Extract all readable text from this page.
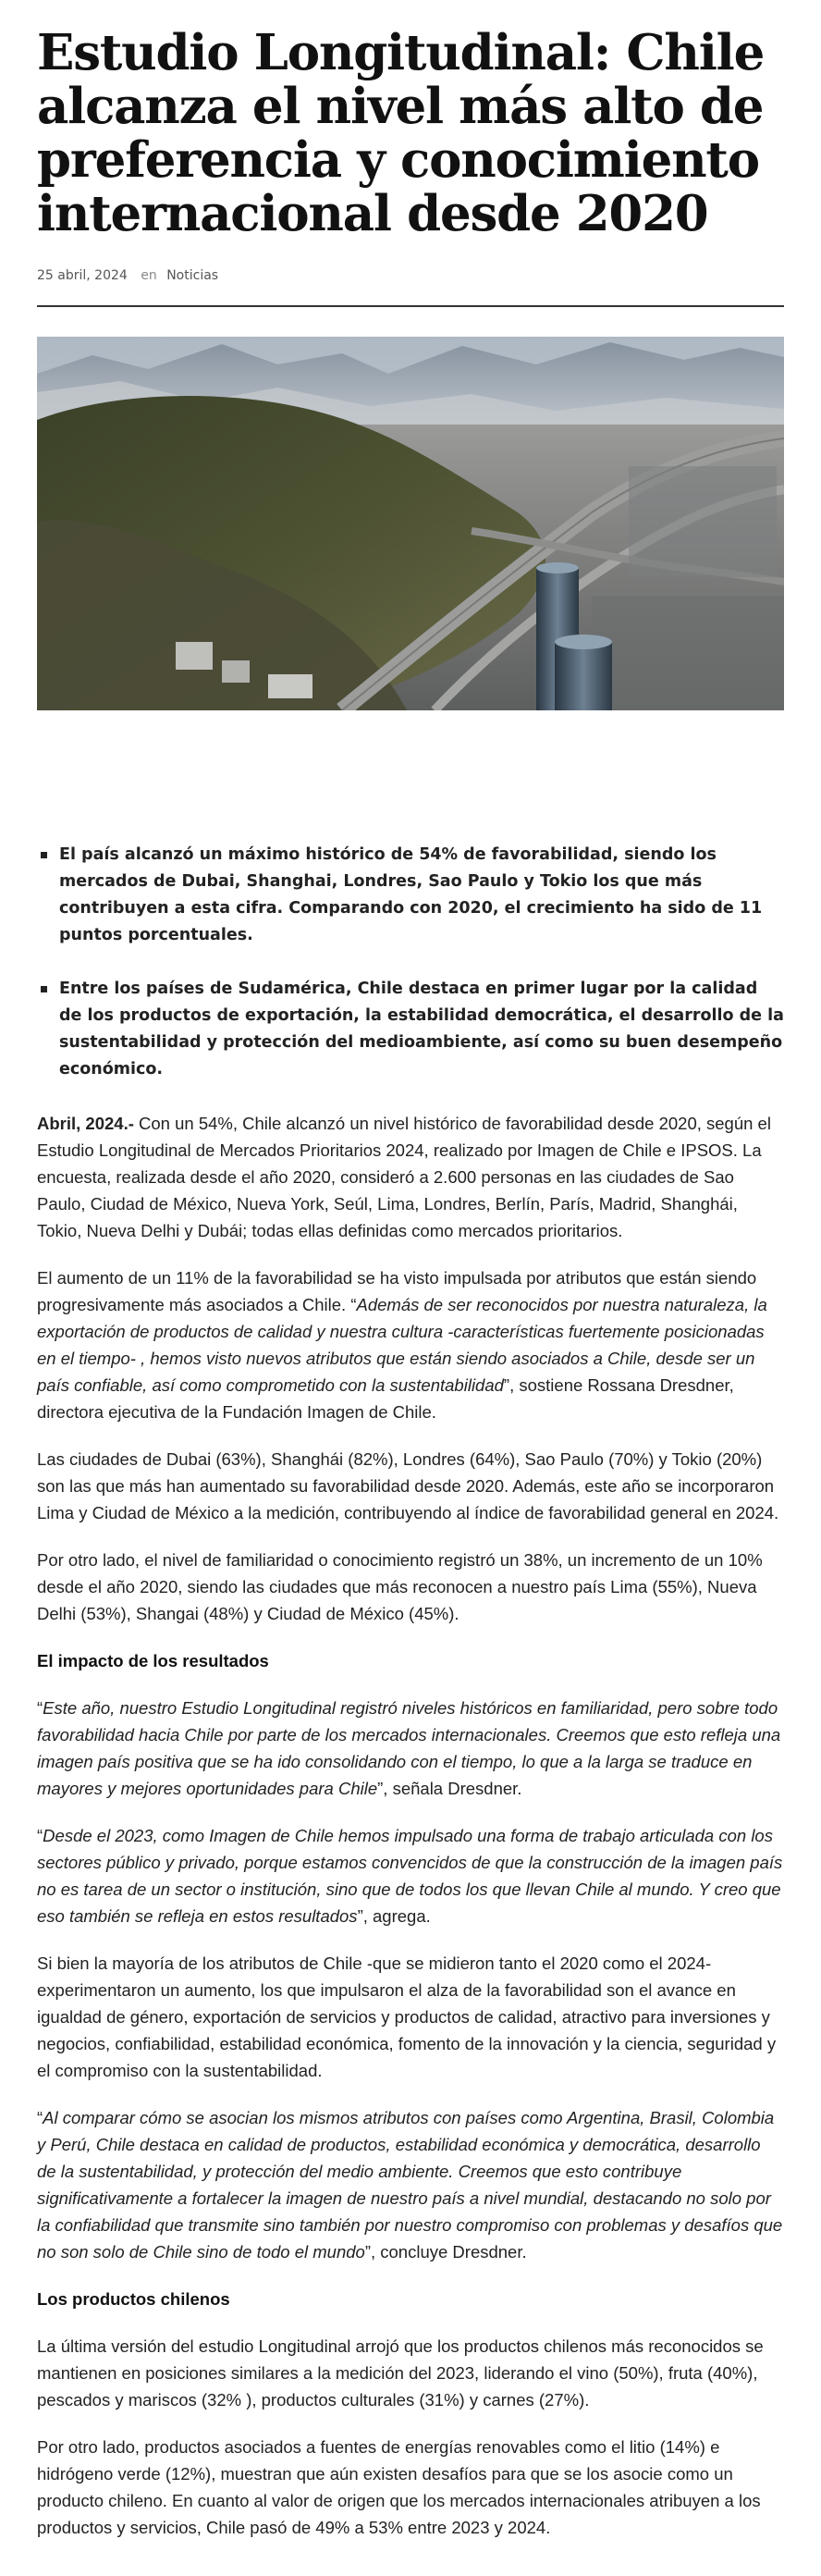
Estudio Longitudinal: Chile alcanza el nivel más alto de preferencia y conocimiento internacional desde 2020
25 abril, 2024 en Noticias
El país alcanzó un máximo histórico de 54% de favorabilidad, siendo los mercados de Dubai, Shanghai, Londres, Sao Paulo y Tokio los que más contribuyen a esta cifra. Comparando con 2020, el crecimiento ha sido de 11 puntos porcentuales.
Entre los países de Sudamérica, Chile destaca en primer lugar por la calidad de los productos de exportación, la estabilidad democrática, el desarrollo de la sustentabilidad y protección del medioambiente, así como su buen desempeño económico.

Abril, 2024.- Con un 54%, Chile alcanzó un nivel histórico de favorabilidad desde 2020, según el Estudio Longitudinal de Mercados Prioritarios 2024, realizado por Imagen de Chile e IPSOS. La encuesta, realizada desde el año 2020, consideró a 2.600 personas en las ciudades de Sao Paulo, Ciudad de México, Nueva York, Seúl, Lima, Londres, Berlín, París, Madrid, Shanghái, Tokio, Nueva Delhi y Dubái; todas ellas definidas como mercados prioritarios.

El aumento de un 11% de la favorabilidad se ha visto impulsada por atributos que están siendo progresivamente más asociados a Chile. “Además de ser reconocidos por nuestra naturaleza, la exportación de productos de calidad y nuestra cultura -características fuertemente posicionadas en el tiempo- , hemos visto nuevos atributos que están siendo asociados a Chile, desde ser un país confiable, así como comprometido con la sustentabilidad”, sostiene Rossana Dresdner, directora ejecutiva de la Fundación Imagen de Chile.

Las ciudades de Dubai (63%), Shanghái (82%), Londres (64%), Sao Paulo (70%) y Tokio (20%) son las que más han aumentado su favorabilidad desde 2020. Además, este año se incorporaron Lima y Ciudad de México a la medición, contribuyendo al índice de favorabilidad general en 2024.

Por otro lado, el nivel de familiaridad o conocimiento registró un 38%, un incremento de un 10% desde el año 2020, siendo las ciudades que más reconocen a nuestro país Lima (55%), Nueva Delhi (53%), Shangai (48%) y Ciudad de México (45%).

El impacto de los resultados

“Este año, nuestro Estudio Longitudinal registró niveles históricos en familiaridad, pero sobre todo favorabilidad hacia Chile por parte de los mercados internacionales. Creemos que esto refleja una imagen país positiva que se ha ido consolidando con el tiempo, lo que a la larga se traduce en mayores y mejores oportunidades para Chile”, señala Dresdner.

“Desde el 2023, como Imagen de Chile hemos impulsado una forma de trabajo articulada con los sectores público y privado, porque estamos convencidos de que la construcción de la imagen país no es tarea de un sector o institución, sino que de todos los que llevan Chile al mundo. Y creo que eso también se refleja en estos resultados”, agrega.

Si bien la mayoría de los atributos de Chile -que se midieron tanto el 2020 como el 2024- experimentaron un aumento, los que impulsaron el alza de la favorabilidad son el avance en igualdad de género, exportación de servicios y productos de calidad, atractivo para inversiones y negocios, confiabilidad, estabilidad económica, fomento de la innovación y la ciencia, seguridad y el compromiso con la sustentabilidad.

“Al comparar cómo se asocian los mismos atributos con países como Argentina, Brasil, Colombia y Perú, Chile destaca en calidad de productos, estabilidad económica y democrática, desarrollo de la sustentabilidad, y protección del medio ambiente. Creemos que esto contribuye significativamente a fortalecer la imagen de nuestro país a nivel mundial, destacando no solo por la confiabilidad que transmite sino también por nuestro compromiso con problemas y desafíos que no son solo de Chile sino de todo el mundo”, concluye Dresdner.

Los productos chilenos

La última versión del estudio Longitudinal arrojó que los productos chilenos más reconocidos se mantienen en posiciones similares a la medición del 2023, liderando el vino (50%), fruta (40%), pescados y mariscos (32% ), productos culturales (31%) y carnes (27%).

Por otro lado, productos asociados a fuentes de energías renovables como el litio (14%) e hidrógeno verde (12%), muestran que aún existen desafíos para que se los asocie como un producto chileno. En cuanto al valor de origen que los mercados internacionales atribuyen a los productos y servicios, Chile pasó de 49% a 53% entre 2023 y 2024.
